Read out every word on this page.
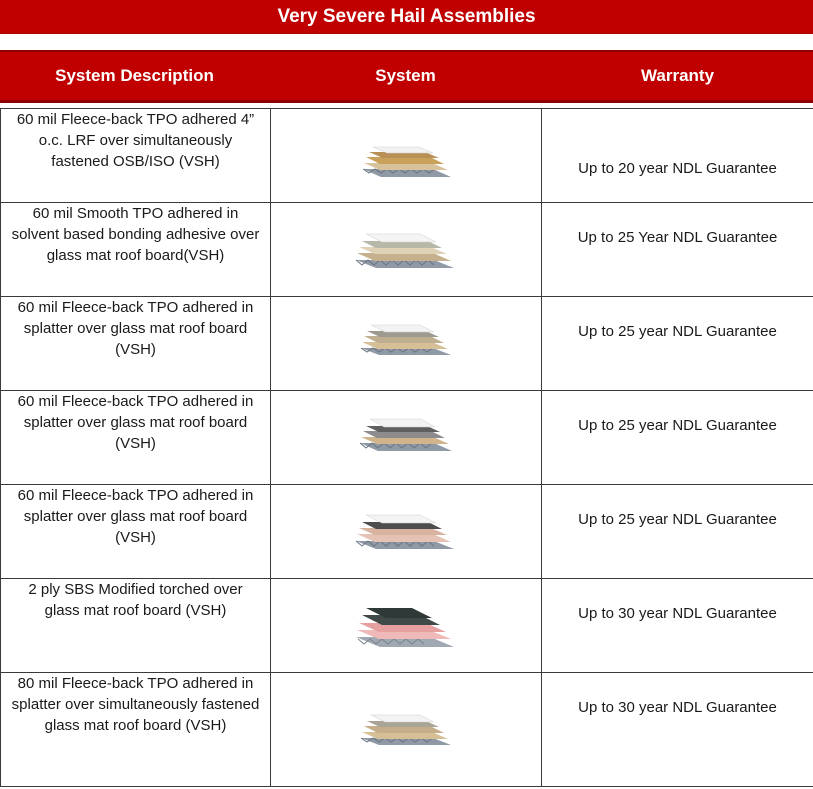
Very Severe Hail Assemblies
System Description	System	Warranty
60 mil Fleece-back TPO adhered 4” o.c. LRF over simultaneously fastened OSB/ISO (VSH)		Up to 20 year NDL Guarantee

60 mil Smooth TPO adhered in solvent based bonding adhesive over glass mat roof board(VSH)		Up to 25 Year NDL Guarantee

60 mil Fleece-back TPO adhered in splatter over glass mat roof board (VSH)		Up to 25 year NDL Guarantee

60 mil Fleece-back TPO adhered in splatter over glass mat roof board (VSH)		Up to 25 year NDL Guarantee

60 mil Fleece-back TPO adhered in splatter over glass mat roof board (VSH)		Up to 25 year NDL Guarantee

2 ply SBS Modified torched over glass mat roof board (VSH)		Up to 30 year NDL Guarantee

80 mil Fleece-back TPO adhered in splatter over simultaneously fastened glass mat roof board (VSH)		Up to 30 year NDL Guarantee
